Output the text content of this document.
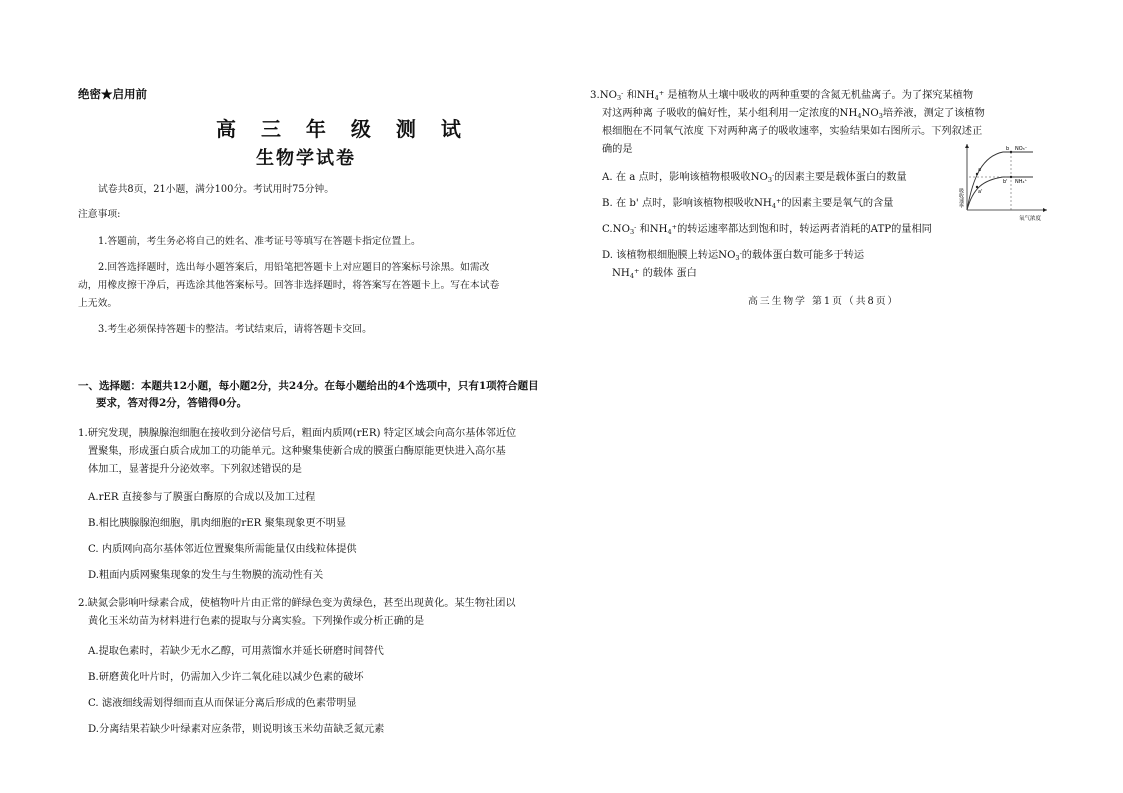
绝密★启用前
高 三 年 级 测 试
生物学试卷
试卷共8页，21小题，满分100分。考试用时75分钟。
注意事项:
1.答题前，考生务必将自己的姓名、准考证号等填写在答题卡指定位置上。
2.回答选择题时，选出每小题答案后，用铅笔把答题卡上对应题目的答案标号涂黑。如需改
动，用橡皮擦干净后，再选涂其他答案标号。回答非选择题时，将答案写在答题卡上。写在本试卷
上无效。
3.考生必须保持答题卡的整洁。考试结束后，请将答题卡交回。
一、选择题：本题共12小题，每小题2分，共24分。在每小题给出的4个选项中，只有1项符合题目
要求，答对得2分，答错得0分。
1.研究发现，胰腺腺泡细胞在接收到分泌信号后，粗面内质网(rER) 特定区域会向高尔基体邻近位
置聚集，形成蛋白质合成加工的功能单元。这种聚集使新合成的膜蛋白酶原能更快进入高尔基
体加工，显著提升分泌效率。下列叙述错误的是
A.rER 直接参与了膜蛋白酶原的合成以及加工过程
B.相比胰腺腺泡细胞，肌肉细胞的rER 聚集现象更不明显
C. 内质网向高尔基体邻近位置聚集所需能量仅由线粒体提供
D.粗面内质网聚集现象的发生与生物膜的流动性有关
2.缺氮会影响叶绿素合成，使植物叶片由正常的鲜绿色变为黄绿色，甚至出现黄化。某生物社团以
黄化玉米幼苗为材料进行色素的提取与分离实验。下列操作或分析正确的是
A.提取色素时，若缺少无水乙醇，可用蒸馏水并延长研磨时间替代
B.研磨黄化叶片时，仍需加入少许二氧化硅以减少色素的破坏
C. 滤液细线需划得细而直从而保证分离后形成的色素带明显
D.分离结果若缺少叶绿素对应条带，则说明该玉米幼苗缺乏氮元素
$3.NO_3^-$ 和$NH_4^+$ 是植物从土壤中吸收的两种重要的含氮无机盐离子。为了探究某植物
对这两种离 子吸收的偏好性，某小组利用一定浓度的$NH_4NO_3$培养液，测定了该植物
根细胞在不同氧气浓度 下对两种离子的吸收速率，实验结果如右图所示。下列叙述正
确的是
A. 在 a 点时，影响该植物根吸收$NO_3^-$的因素主要是载体蛋白的数量
B. 在 b' 点时，影响该植物根吸收$NH_4^+$的因素主要是氧气的含量
$C.NO_3^-$ 和$NH_4^+$的转运速率都达到饱和时，转运两者消耗的ATP的量相同
D. 该植物根细胞膜上转运$NO_3^-$的载体蛋白数可能多于转运
$NH_4^+$ 的载体 蛋白
a
a'
b
b'
NO₃⁻
NH₄⁺
吸收速率
氧气浓度
高三生物学 第1页（共8页）
